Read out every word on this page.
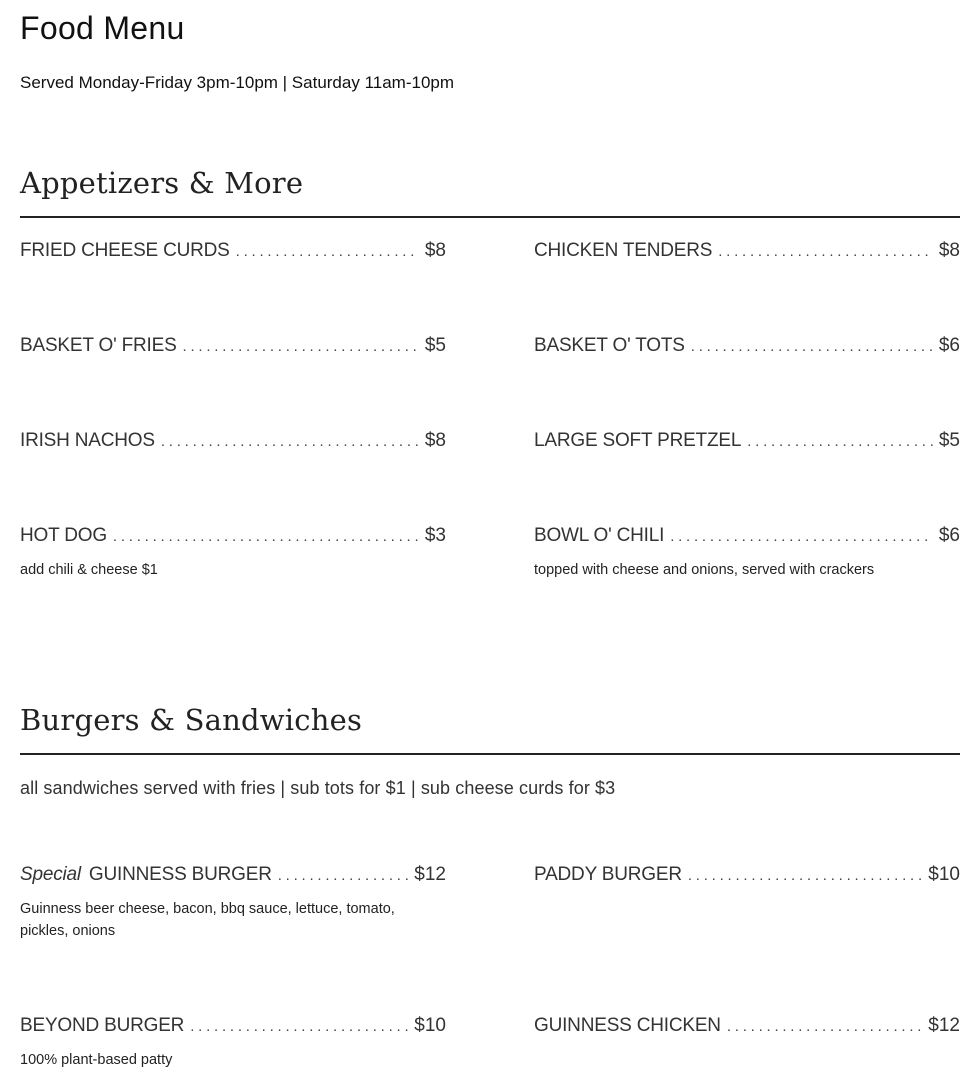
Food Menu

Served Monday-Friday 3pm-10pm | Saturday 11am-10pm

Appetizers & More
FRIED CHEESE CURDS . . .	$8	CHICKEN TENDERS . . .	$8
BASKET O' FRIES . . .	$5	BASKET O' TOTS . . .	$6
IRISH NACHOS . . .	$8	LARGE SOFT PRETZEL . . .	$5
HOT DOG . . .	$3
add chili & cheese $1
BOWL O' CHILI . . .	$6
topped with cheese and onions, served with crackers
Burgers & Sandwiches

all sandwiches served with fries | sub tots for $1 | sub cheese curds for $3

Special GUINNESS BURGER . . .	$12
Guinness beer cheese, bacon, bbq sauce, lettuce, tomato, pickles, onions
PADDY BURGER . . .	$10
BEYOND BURGER . . .	$10
100% plant-based patty
GUINNESS CHICKEN . . .	$12
